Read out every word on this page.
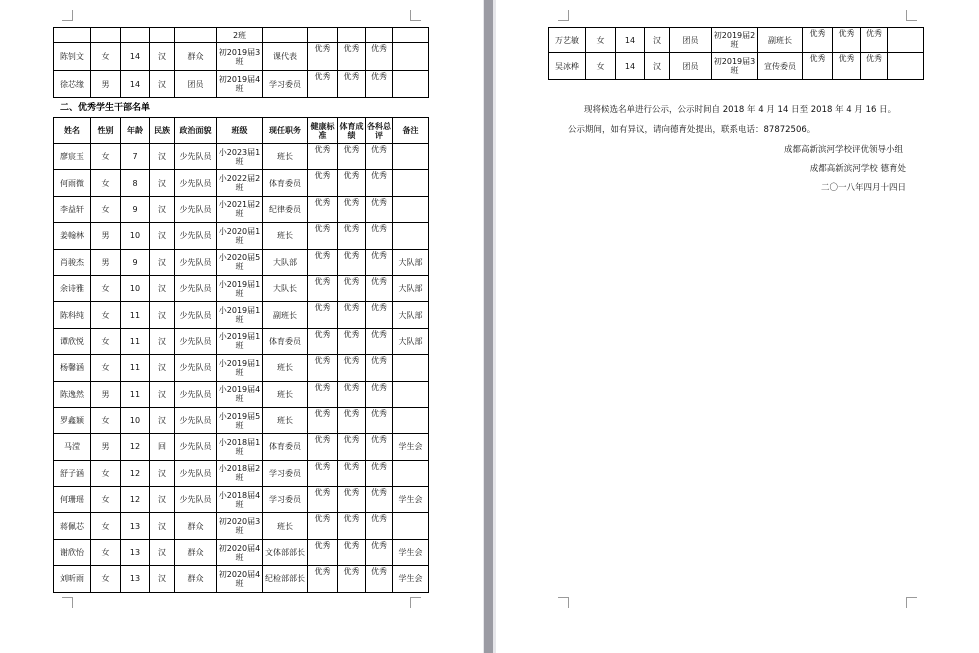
					2班					
陈钊文	女	14	汉	群众	初2019届3班	课代表	优秀	优秀	优秀	
徐芯缘	男	14	汉	团员	初2019届4班	学习委员	优秀	优秀	优秀	
二、优秀学生干部名单
姓名	性别	年龄	民族	政治面貌	班级	现任职务	健康标准	体育成绩	各科总评	备注
廖宸玉	女	7	汉	少先队员	小2023届1班	班长	优秀	优秀	优秀	
何雨微	女	8	汉	少先队员	小2022届2班	体育委员	优秀	优秀	优秀	
李益轩	女	9	汉	少先队员	小2021届2班	纪律委员	优秀	优秀	优秀	
姜翰林	男	10	汉	少先队员	小2020届1班	班长	优秀	优秀	优秀	
肖骏杰	男	9	汉	少先队员	小2020届5班	大队部	优秀	优秀	优秀	大队部
余诗雅	女	10	汉	少先队员	小2019届1班	大队长	优秀	优秀	优秀	大队部
陈科纯	女	11	汉	少先队员	小2019届1班	副班长	优秀	优秀	优秀	大队部
谭欣悦	女	11	汉	少先队员	小2019届1班	体育委员	优秀	优秀	优秀	大队部
杨馨涵	女	11	汉	少先队员	小2019届1班	班长	优秀	优秀	优秀	
陈逸然	男	11	汉	少先队员	小2019届4班	班长	优秀	优秀	优秀	
罗鑫颖	女	10	汉	少先队员	小2019届5班	班长	优秀	优秀	优秀	
马滢	男	12	回	少先队员	小2018届1班	体育委员	优秀	优秀	优秀	学生会
舒子涵	女	12	汉	少先队员	小2018届2班	学习委员	优秀	优秀	优秀	
何珊瑶	女	12	汉	少先队员	小2018届4班	学习委员	优秀	优秀	优秀	学生会
蒋佩芯	女	13	汉	群众	初2020届3班	班长	优秀	优秀	优秀	
谢欣怡	女	13	汉	群众	初2020届4班	文体部部长	优秀	优秀	优秀	学生会
刘昕雨	女	13	汉	群众	初2020届4班	纪检部部长	优秀	优秀	优秀	学生会
万艺敏	女	14	汉	团员	初2019届2班	副班长	优秀	优秀	优秀	
吴冰桦	女	14	汉	团员	初2019届3班	宣传委员	优秀	优秀	优秀	
现将候选名单进行公示，公示时间自 2018 年 4 月 14 日至 2018 年 4 月 16 日。
公示期间，如有异议，请向德育处提出，联系电话：87872506。
成都高新滨河学校评优领导小组
成都高新滨河学校 德育处
二〇一八年四月十四日
